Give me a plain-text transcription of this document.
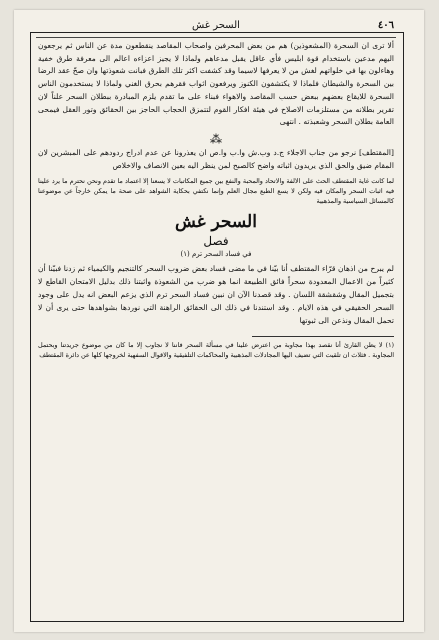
٤٠٦
السحر غش

ألا ترى ان السحرة (المشعوذين) هم من بعض المحرفين واصحاب المقاصد ينقطعون مدة عن الناس ثم يرجعون اليهم مدعين باستخدام قوة ابليس فأي عاقل يقبل مدعاهم ولماذا لا يجيز اعزاءه اعالم الى معرفة طرق خفية وهاءلون بها في خلواتهم لغش من لا يعرفها لاسيما وقد كشفت اكثر تلك الطرق فبانت شعوذتها وان صحّ عقد الرضا بين السحرة والشيطان فلماذا لا يكتشفون الكنوز ويرفعون اثواب فقرهم بحرق الغني ولماذا لا يستخدمون الناس السحرة للايقاع بعضهم ببعض حسب المقاصد والاهواء فبناء على ما تقدم يلزم المبادرة ببطلان السحر علناً لان تقرير بطلانه من مستلزمات الاصلاح في هيئة افكار القوم لتتمزق الحجاب الحاجز بين الحقائق وتور العقل فيمحى العامة بطلان السحر وشعبذته . انتهى

⁂

[المقتطف] نرجو من جناب الاجلاء ج.د وب.ش وا.ب وا.ص ان يعذرونا عن عدم ادراج ردودهم على المبشرين لان المقام ضيق والحق الذي يريدون اثباته واضح كالصبح لمن ينظر اليه بعين الانصاف والاخلاص

لما كانت غاية المقتطف الحث على الالفة والاتحاد والمحبة والنفع بين جميع المكاتبات لا يسعنا إلا اعتماد ما تقدم ونحن نحترم ما يرد علينا فيه اثبات السحر والمكان فيه ولكن لا يسع الطبع مجال العلم وإنما نكتفي بحكاية الشواهد على صحة ما يمكن خارجاً عن موضوعنا كالمسائل السياسية والمذهبية

السحر غش
فصل
في فساد السحر ترم (١)

لم يبرح من اذهان قرّاء المقتطف أنا بيّنا في ما مضى فساد بعض ضروب السحر كالتنجيم والكيمياء ثم زدنا فبيّنا أن كثيراً من الاعمال المعدودة سحراً فائق الطبيعة انما هو ضرب من الشعوذة واثبتنا ذلك بدليل الامتحان القاطع لا بتجميل المقال وشقشقة اللسان . وقد قصدنا الآن ان نبين فساد السحر ترم الذي يزعم البعض انه يدل على وجود السحر الحقيقي في هذه الايام . وقد استندنا في ذلك الى الحقائق الراهنة التي نوردها بشواهدها حتى يرى أن لا تحمل المقال ونذعن الى ثبوتها

(١) لا يظن القارئ أنا نقصد بهذا مجاوبة من اعترض علينا في مسألة السحر فاننا لا نجاوب إلا ما كان من موضوع جريدتنا وبحتمل المجاوبة . فثلاث ان تلقيت التي تضيف اليها المجادلات المذهبية والمحاكمات التلفيقية والاقوال السفهية لخروجها كلها عن دائرة المقتطف
